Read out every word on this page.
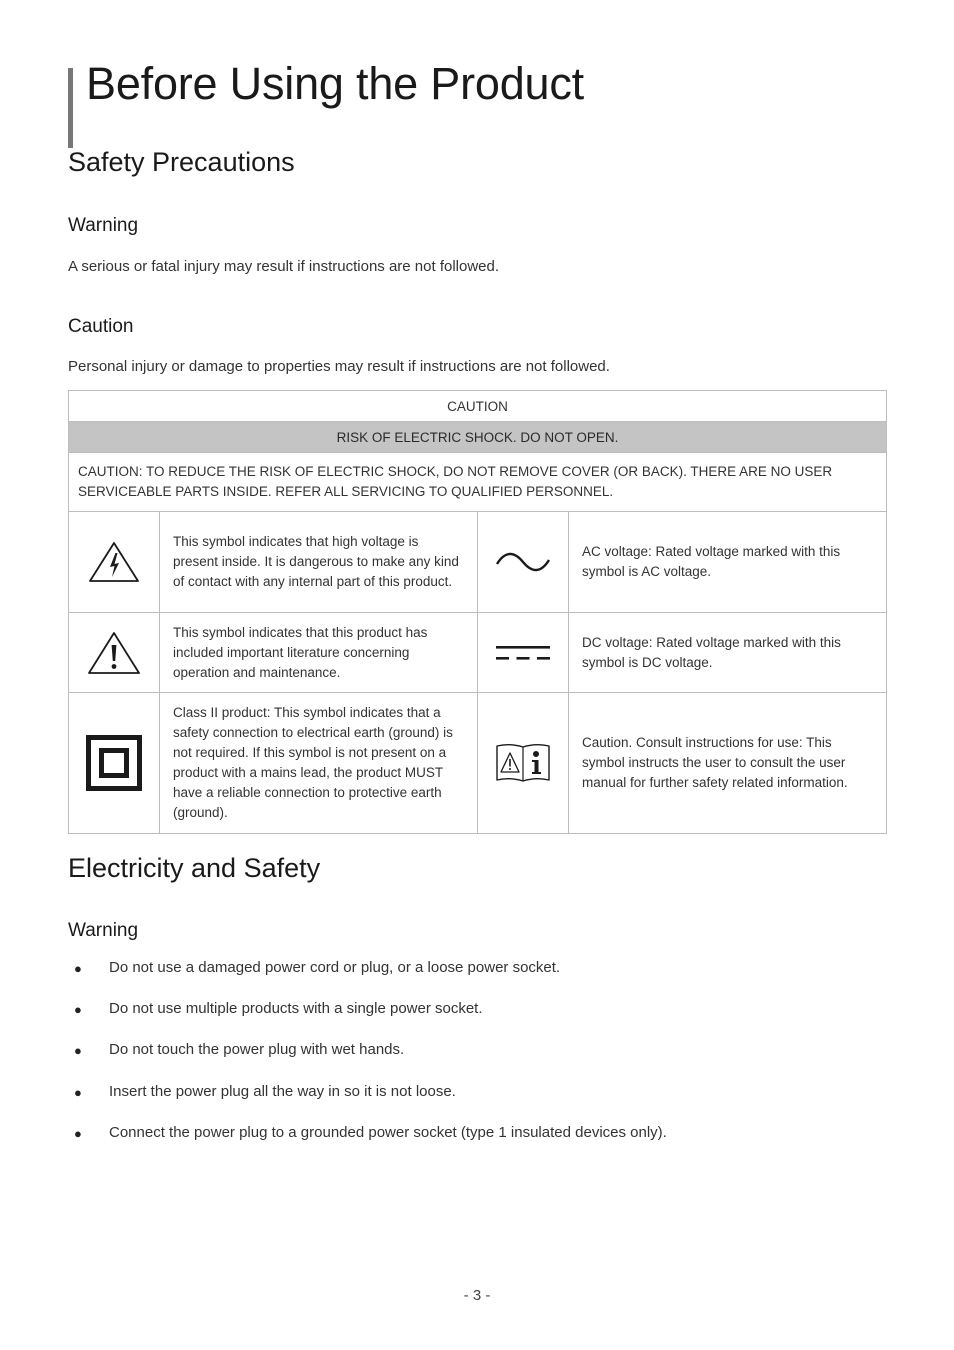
Before Using the Product
Safety Precautions
Warning

A serious or fatal injury may result if instructions are not followed.

Caution

Personal injury or damage to properties may result if instructions are not followed.

CAUTION			
RISK OF ELECTRIC SHOCK. DO NOT OPEN.			
CAUTION: TO REDUCE THE RISK OF ELECTRIC SHOCK, DO NOT REMOVE COVER (OR BACK). THERE ARE NO USER SERVICEABLE PARTS INSIDE. REFER ALL SERVICING TO QUALIFIED PERSONNEL.			
	This symbol indicates that high voltage is present inside. It is dangerous to make any kind of contact with any internal part of this product.		AC voltage: Rated voltage marked with this symbol is AC voltage.
	This symbol indicates that this product has included important literature concerning operation and maintenance.		DC voltage: Rated voltage marked with this symbol is DC voltage.
	Class II product: This symbol indicates that a safety connection to electrical earth (ground) is not required. If this symbol is not present on a product with a mains lead, the product MUST have a reliable connection to protective earth (ground).		Caution. Consult instructions for use: This symbol instructs the user to consult the user manual for further safety related information.
Electricity and Safety
Warning
● Do not use a damaged power cord or plug, or a loose power socket.
● Do not use multiple products with a single power socket.
● Do not touch the power plug with wet hands.
● Insert the power plug all the way in so it is not loose.
● Connect the power plug to a grounded power socket (type 1 insulated devices only).
- 3 -
